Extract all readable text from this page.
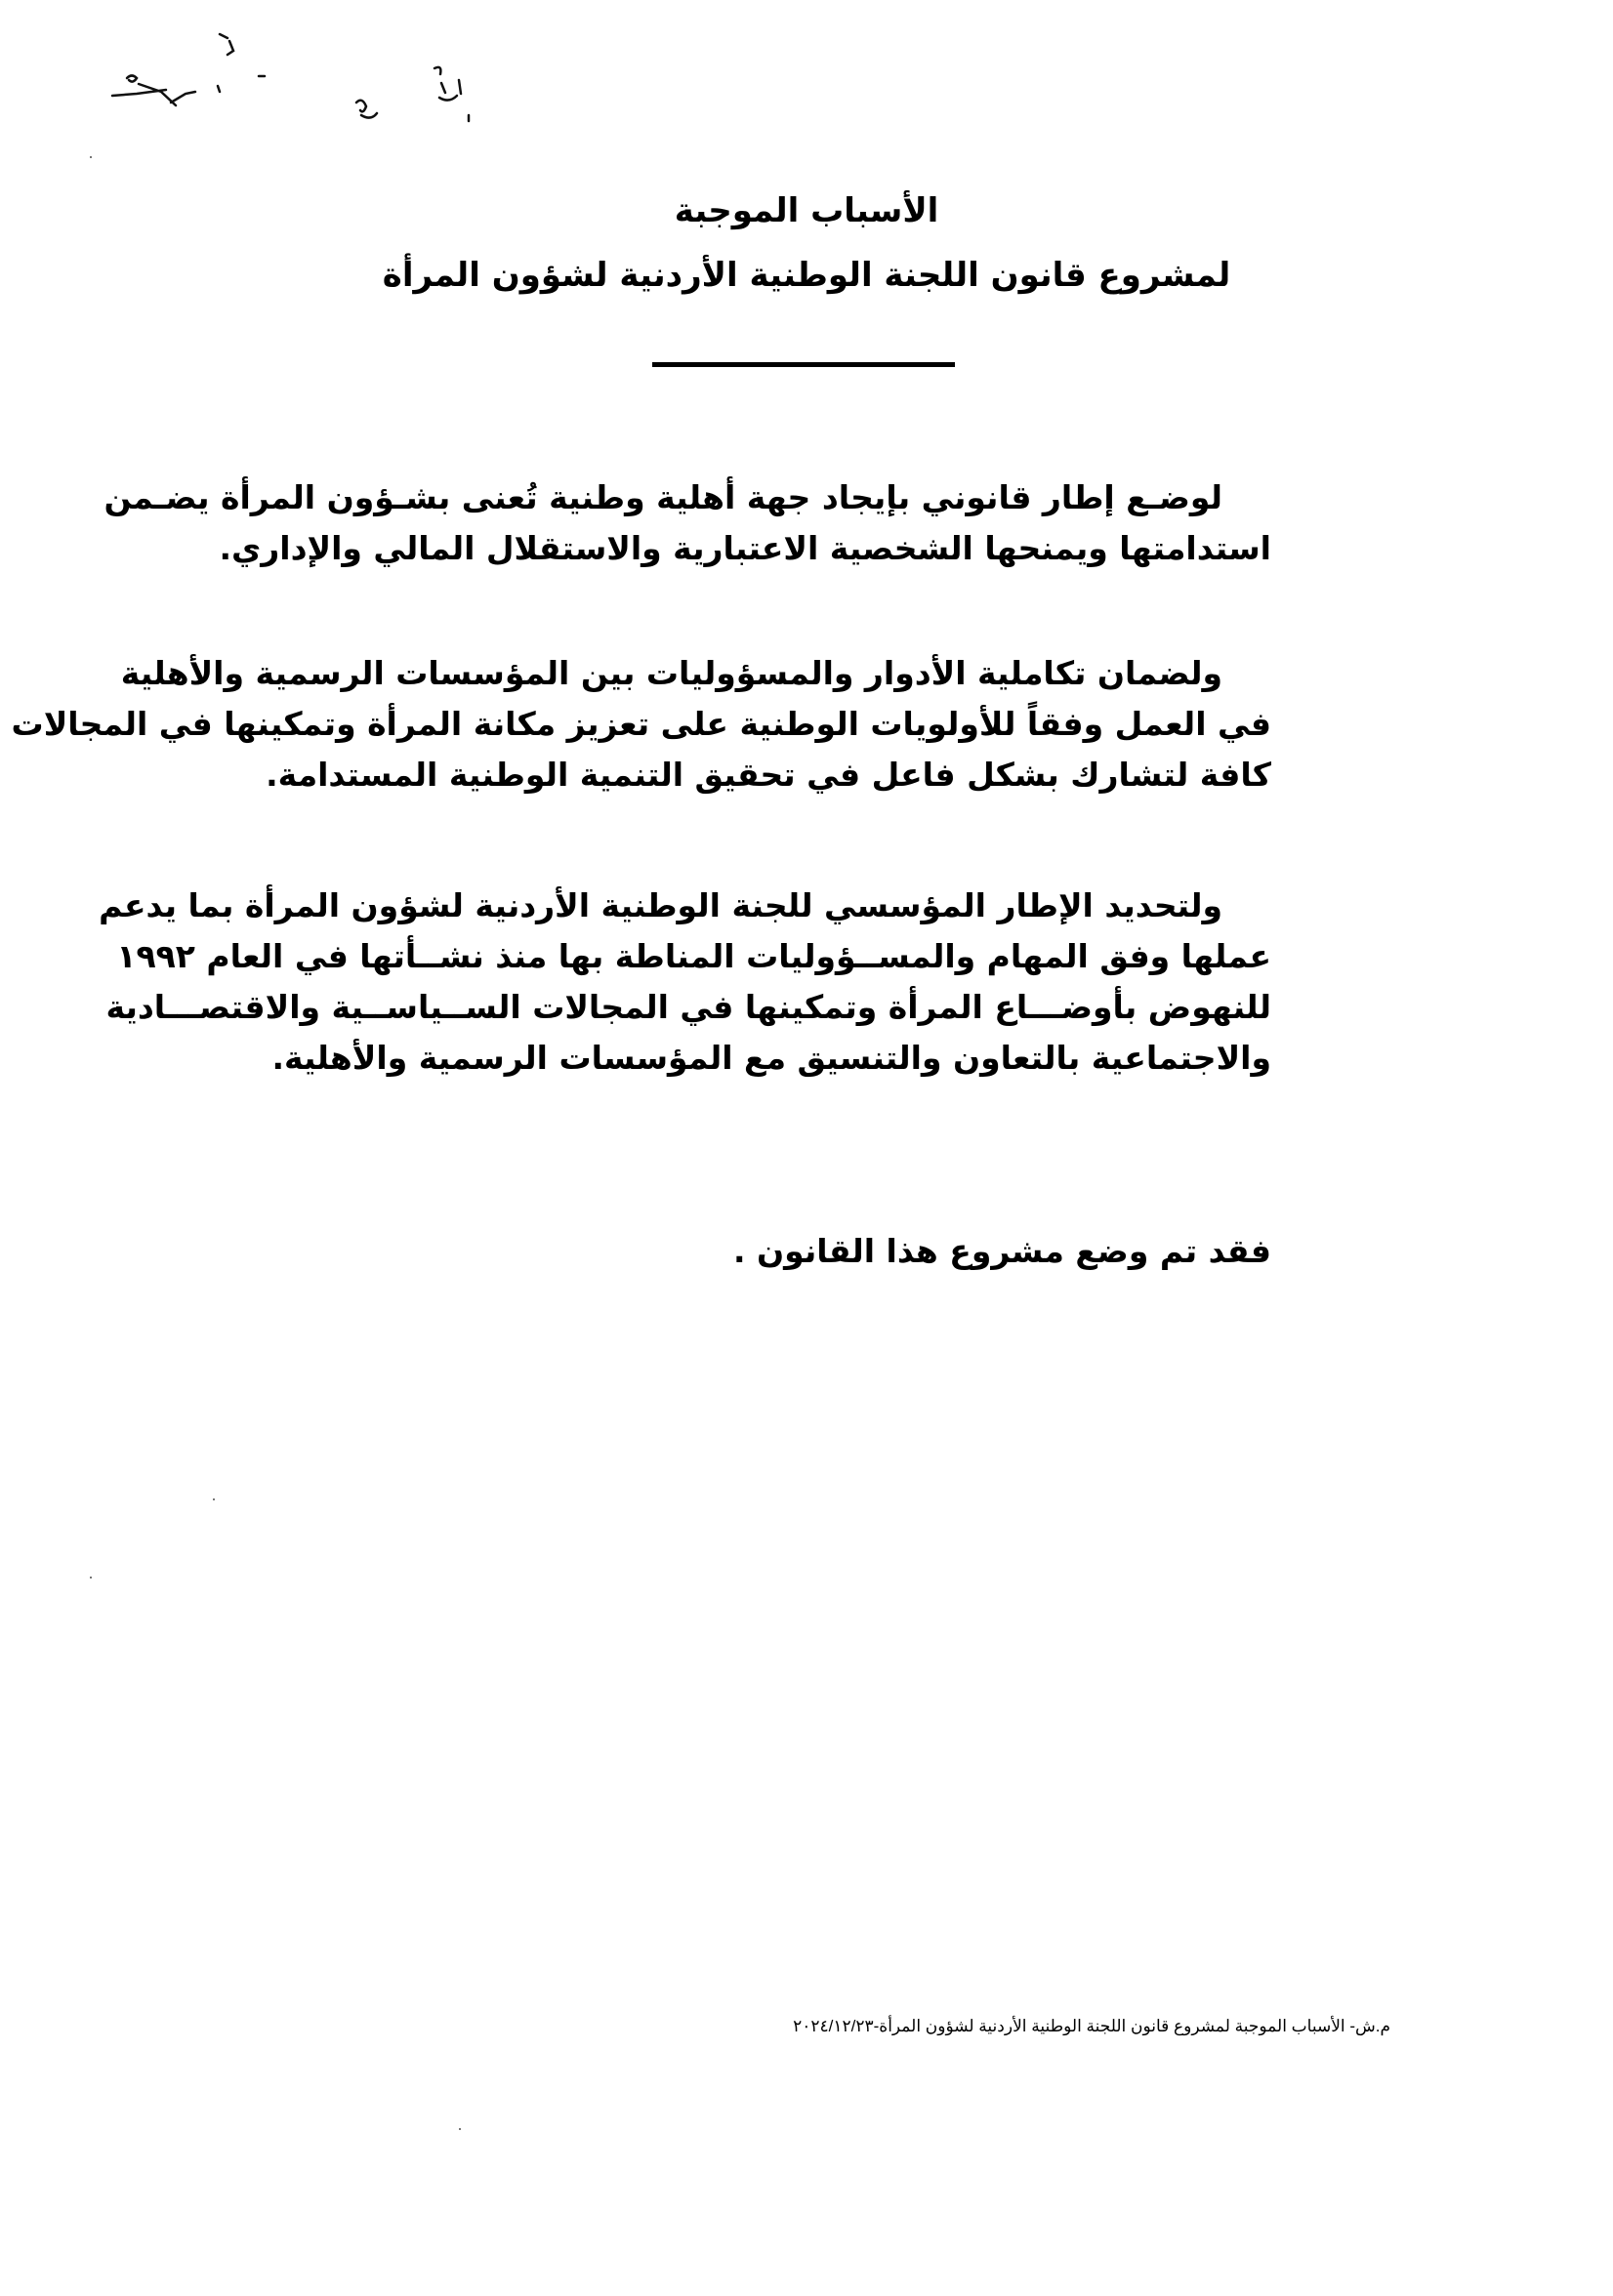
الأسباب الموجبة
لمشروع قانون اللجنة الوطنية الأردنية لشؤون المرأة
لوضـع إطار قانوني بإيجاد جهة أهلية وطنية تُعنى بشـؤون المرأة يضـمن
استدامتها ويمنحها الشخصية الاعتبارية والاستقلال المالي والإداري.
ولضمان تكاملية الأدوار والمسؤوليات بين المؤسسات الرسمية والأهلية
في العمل وفقاً للأولويات الوطنية على تعزيز مكانة المرأة وتمكينها في المجالات
كافة لتشارك بشكل فاعل في تحقيق التنمية الوطنية المستدامة.
ولتحديد الإطار المؤسسي للجنة الوطنية الأردنية لشؤون المرأة بما يدعم
عملها وفق المهام والمســؤوليات المناطة بها منذ نشــأتها في العام ١٩٩٢
للنهوض بأوضـــاع المرأة وتمكينها في المجالات الســياســية والاقتصـــادية
والاجتماعية بالتعاون والتنسيق مع المؤسسات الرسمية والأهلية.
فقد تم وضع مشروع هذا القانون .
م.ش- الأسباب الموجبة لمشروع قانون اللجنة الوطنية الأردنية لشؤون المرأة-٢٠٢٤/١٢/٢٣
